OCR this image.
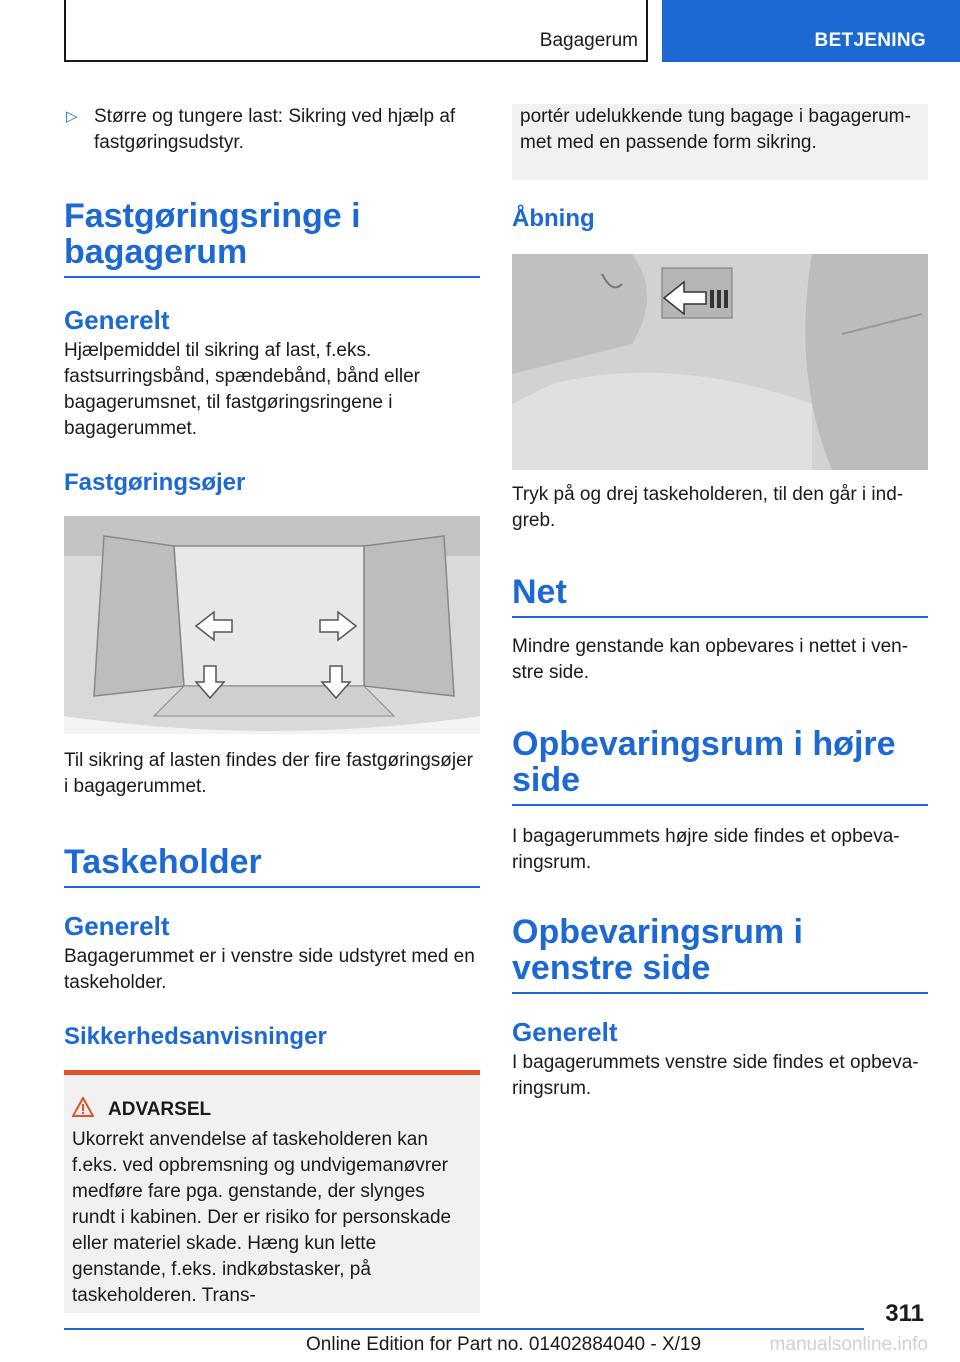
Bagagerum	BETJENING
▷ Større og tungere last: Sikring ved hjælp af fastgøringsudstyr.
Fastgøringsringe i bagagerum
Generelt

Hjælpemiddel til sikring af last, f.eks. fastsurringsbånd, spændebånd, bånd eller bagagerumsnet, til fastgøringsringene i bagagerummet.

Fastgøringsøjer

Til sikring af lasten findes der fire fastgøringsøjer i bagagerummet.

Taskeholder
Generelt

Bagagerummet er i venstre side udstyret med en taskeholder.

Sikkerhedsanvisninger
ADVARSEL
Ukorrekt anvendelse af taskeholderen kan f.eks. ved opbremsning og undvigemanøvrer medføre fare pga. genstande, der slynges rundt i kabinen. Der er risiko for personskade eller materiel skade. Hæng kun lette genstande, f.eks. indkøbstasker, på taskeholderen. Trans-
portér udelukkende tung bagage i bagagerummet med en passende form sikring.
Åbning

Tryk på og drej taskeholderen, til den går i indgreb.

Net

Mindre genstande kan opbevares i nettet i venstre side.

Opbevaringsrum i højre side

I bagagerummets højre side findes et opbevaringsrum.

Opbevaringsrum i venstre side
Generelt

I bagagerummets venstre side findes et opbevaringsrum.

311
Online Edition for Part no. 01402884040 - X/19	manualsonline.info
